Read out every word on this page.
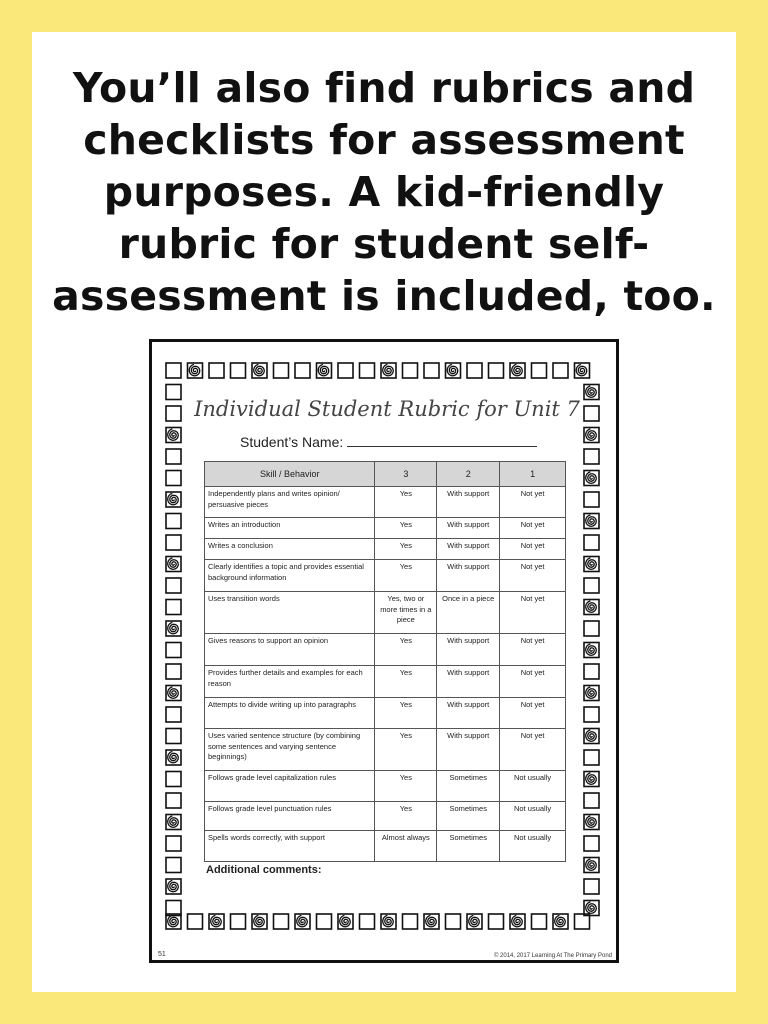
You’ll also find rubrics and
checklists for assessment
purposes. A kid-friendly
rubric for student self-
assessment is included, too.
Individual Student Rubric for Unit 7
Student’s Name:
Skill / Behavior	3	2	1
Independently plans and writes opinion/ persuasive pieces	Yes	With support	Not yet
Writes an introduction	Yes	With support	Not yet
Writes a conclusion	Yes	With support	Not yet
Clearly identifies a topic and provides essential background information	Yes	With support	Not yet
Uses transition words	Yes, two or more times in a piece	Once in a piece	Not yet
Gives reasons to support an opinion	Yes	With support	Not yet
Provides further details and examples for each reason	Yes	With support	Not yet
Attempts to divide writing up into paragraphs	Yes	With support	Not yet
Uses varied sentence structure (by combining some sentences and varying sentence beginnings)	Yes	With support	Not yet
Follows grade level capitalization rules	Yes	Sometimes	Not usually
Follows grade level punctuation rules	Yes	Sometimes	Not usually
Spells words correctly, with support	Almost always	Sometimes	Not usually
Additional comments:
51	© 2014, 2017 Learning At The Primary Pond
